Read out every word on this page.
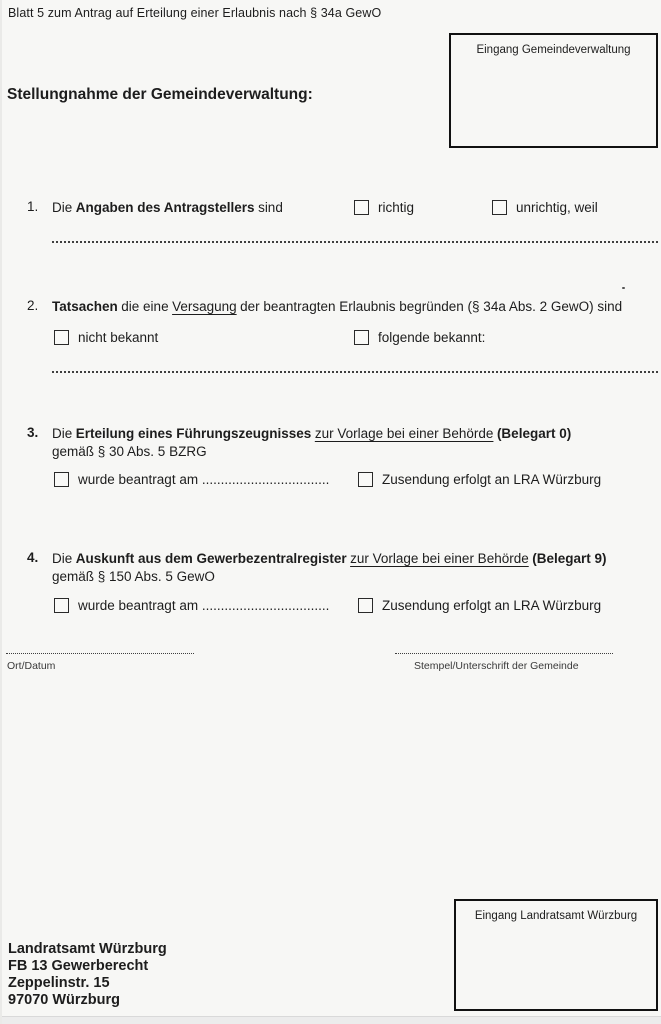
Blatt 5 zum Antrag auf Erteilung einer Erlaubnis nach § 34a GewO
Eingang Gemeindeverwaltung
Stellungnahme der Gemeindeverwaltung:
1. Die Angaben des Antragstellers sind	richtig	unrichtig, weil
2. Tatsachen die eine Versagung der beantragten Erlaubnis begründen (§ 34a Abs. 2 GewO) sind
nicht bekannt	folgende bekannt:
3. Die Erteilung eines Führungszeugnisses zur Vorlage bei einer Behörde (Belegart 0)
gemäß § 30 Abs. 5 BZRG
wurde beantragt am ..................................	Zusendung erfolgt an LRA Würzburg
4. Die Auskunft aus dem Gewerbezentralregister zur Vorlage bei einer Behörde (Belegart 9)
gemäß § 150 Abs. 5 GewO
wurde beantragt am ..................................	Zusendung erfolgt an LRA Würzburg
Ort/Datum	Stempel/Unterschrift der Gemeinde
Eingang Landratsamt Würzburg
Landratsamt Würzburg
FB 13 Gewerberecht
Zeppelinstr. 15
97070 Würzburg
